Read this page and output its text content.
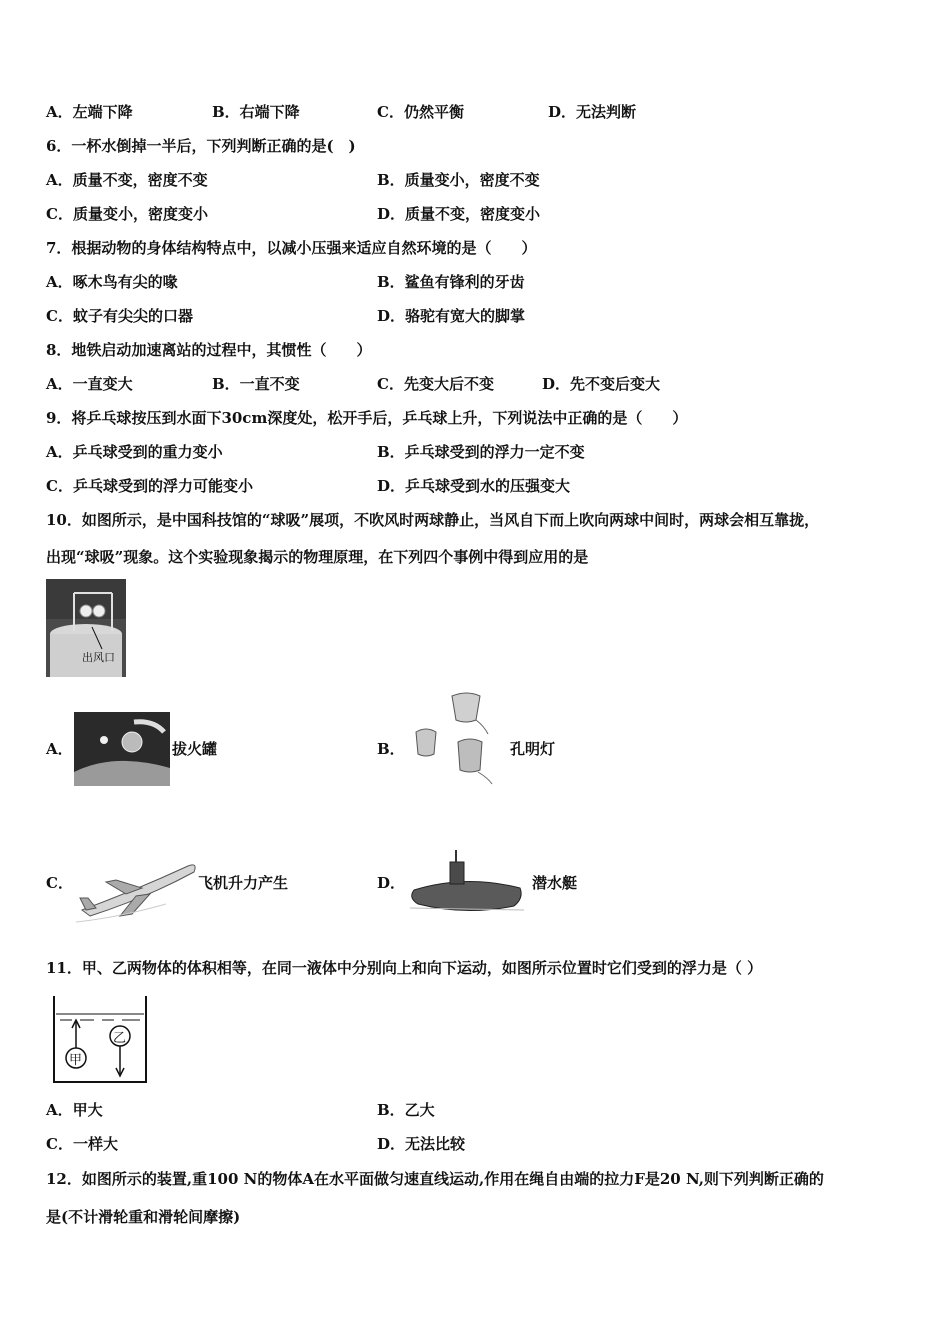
A．左端下降	B．右端下降	C．仍然平衡	D．无法判断
6．一杯水倒掉一半后，下列判断正确的是(　)
A．质量不变，密度不变	B．质量变小，密度不变
C．质量变小，密度变小	D．质量不变，密度变小
7．根据动物的身体结构特点中，以减小压强来适应自然环境的是（　　）
A．啄木鸟有尖的喙	B．鲨鱼有锋利的牙齿
C．蚊子有尖尖的口器	D．骆驼有宽大的脚掌
8．地铁启动加速离站的过程中，其惯性（　　）
A．一直变大	B．一直不变	C．先变大后不变	D．先不变后变大
9．将乒乓球按压到水面下30cm深度处，松开手后，乒乓球上升，下列说法中正确的是（　　）
A．乒乓球受到的重力变小	B．乒乓球受到的浮力一定不变
C．乒乓球受到的浮力可能变小	D．乒乓球受到水的压强变大
10．如图所示，是中国科技馆的“球吸”展项，不吹风时两球静止，当风自下而上吹向两球中间时，两球会相互靠拢，
出现“球吸”现象。这个实验现象揭示的物理原理，在下列四个事例中得到应用的是
出风口
A．	拔火罐	B．	孔明灯
C．	飞机升力产生	D．	潜水艇
11．甲、乙两物体的体积相等，在同一液体中分别向上和向下运动，如图所示位置时它们受到的浮力是（ ）
甲
乙
A．甲大	B．乙大
C．一样大	D．无法比较
12．如图所示的装置,重100 N的物体A在水平面做匀速直线运动,作用在绳自由端的拉力F是20 N,则下列判断正确的
是(不计滑轮重和滑轮间摩擦)
